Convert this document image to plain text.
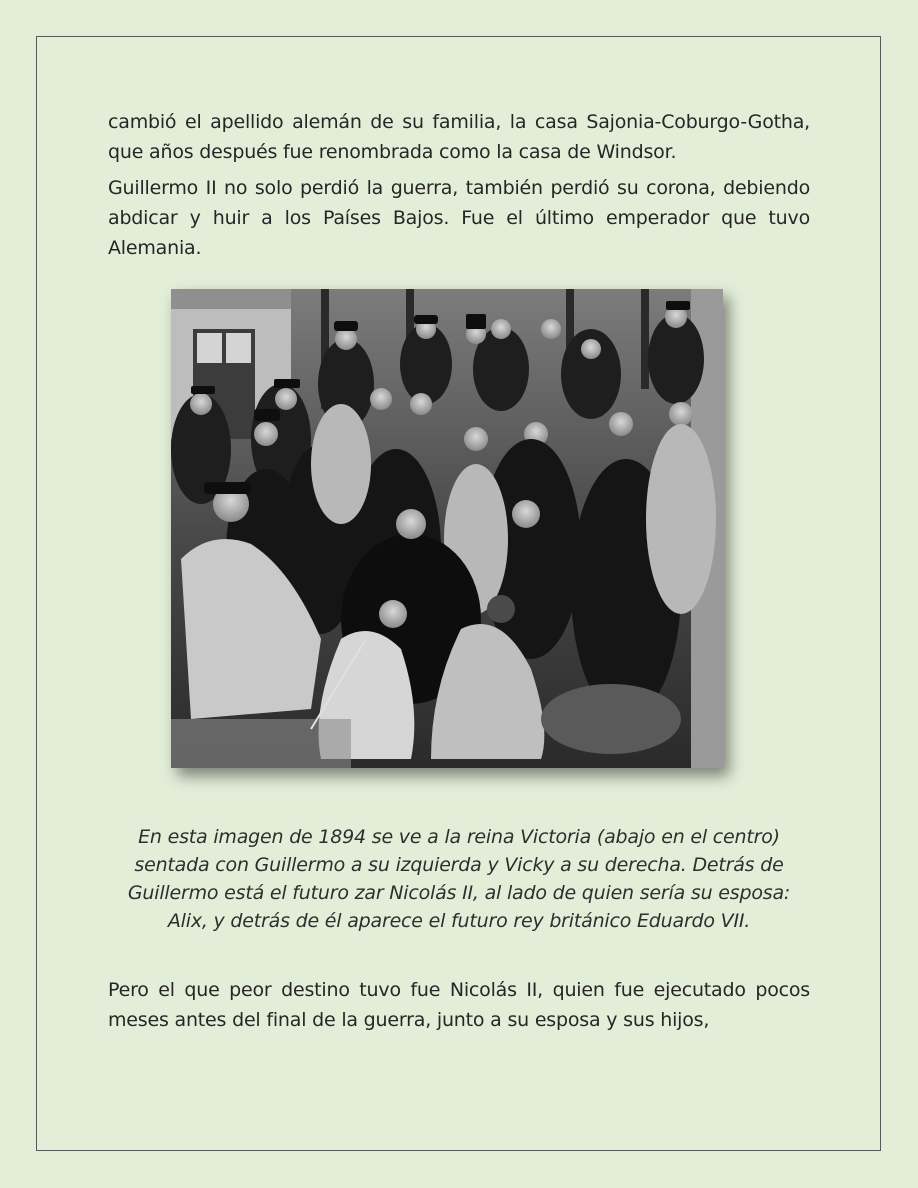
cambió el apellido alemán de su familia, la casa Sajonia-Coburgo-Gotha, que años después fue renombrada como la casa de Windsor.

Guillermo II no solo perdió la guerra, también perdió su corona, debiendo abdicar y huir a los Países Bajos. Fue el último emperador que tuvo Alemania.

En esta imagen de 1894 se ve a la reina Victoria (abajo en el centro) sentada con Guillermo a su izquierda y Vicky a su derecha. Detrás de Guillermo está el futuro zar Nicolás II, al lado de quien sería su esposa: Alix, y detrás de él aparece el futuro rey británico Eduardo VII.

Pero el que peor destino tuvo fue Nicolás II, quien fue ejecutado pocos meses antes del final de la guerra, junto a su esposa y sus hijos,
